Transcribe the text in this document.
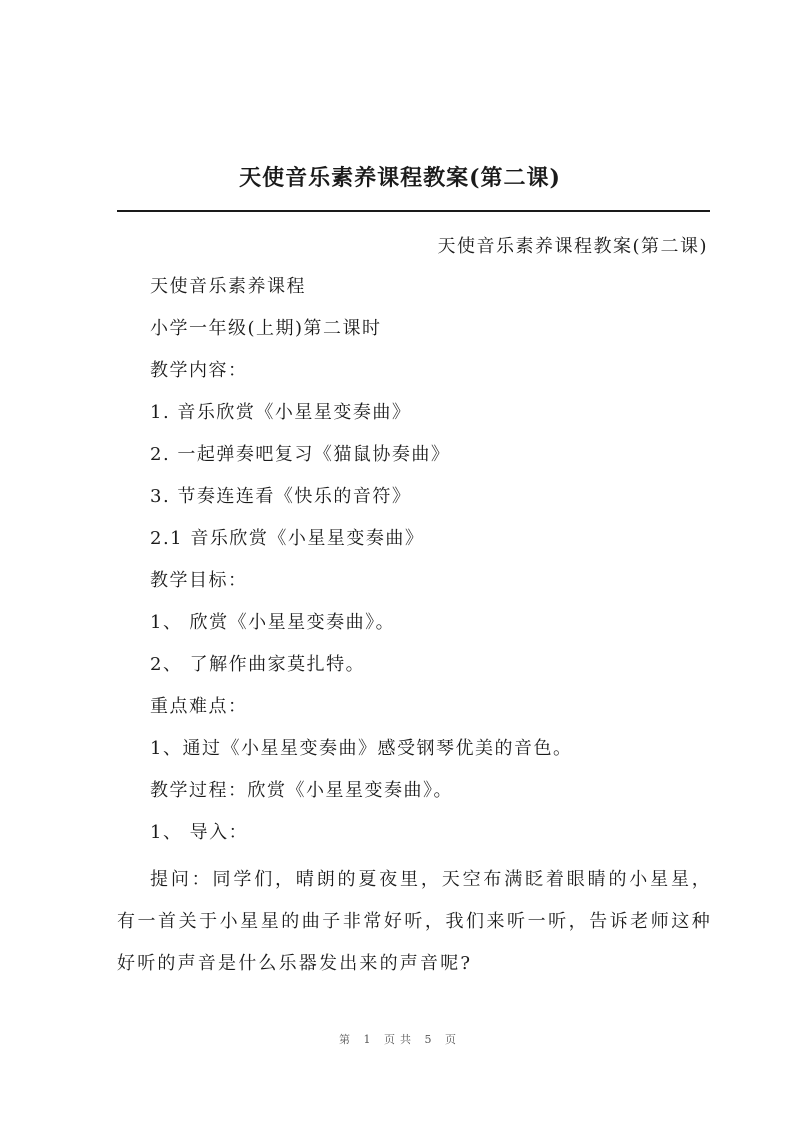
天使音乐素养课程教案(第二课)
天使音乐素养课程教案(第二课)
天使音乐素养课程
小学一年级(上期)第二课时
教学内容：
1. 音乐欣赏《小星星变奏曲》
2. 一起弹奏吧复习《猫鼠协奏曲》
3. 节奏连连看《快乐的音符》
2.1 音乐欣赏《小星星变奏曲》
教学目标：
1、 欣赏《小星星变奏曲》。
2、 了解作曲家莫扎特。
重点难点：
1、通过《小星星变奏曲》感受钢琴优美的音色。
教学过程：欣赏《小星星变奏曲》。
1、 导入：

提问：同学们，晴朗的夏夜里，天空布满眨着眼睛的小星星，有一首关于小星星的曲子非常好听，我们来听一听，告诉老师这种好听的声音是什么乐器发出来的声音呢?

第 1 页共 5 页
